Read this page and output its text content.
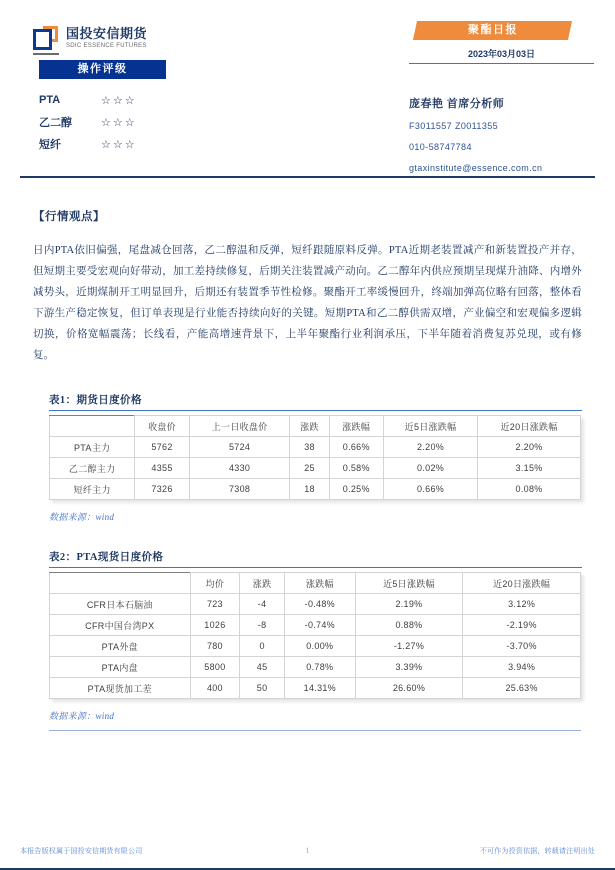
国投安信期货
SDIC ESSENCE FUTURES
操作评级
PTA	☆☆☆
乙二醇	☆☆☆
短纤	☆☆☆
聚酯日报
2023年03月03日
庞春艳 首席分析师
F3011557 Z0011355
010-58747784
gtaxinstitute@essence.com.cn
【行情观点】
日内PTA依旧偏强，尾盘减仓回落，乙二醇温和反弹，短纤跟随原料反弹。PTA近期老装置减产和新装置投产并存，但短期主要受宏观向好带动，加工差持续修复，后期关注装置减产动向。乙二醇年内供应预期呈现煤升油降、内增外减势头，近期煤制开工明显回升，后期还有装置季节性检修。聚酯开工率缓慢回升，终端加弹高位略有回落，整体看下游生产稳定恢复，但订单表现是行业能否持续向好的关键。短期PTA和乙二醇供需双增，产业偏空和宏观偏多逻辑切换，价格宽幅震荡；长线看，产能高增速背景下，上半年聚酯行业利润承压，下半年随着消费复苏兑现，或有修复。
表1：期货日度价格
	收盘价	上一日收盘价	涨跌	涨跌幅	近5日涨跌幅	近20日涨跌幅
PTA主力	5762	5724	38	0.66%	2.20%	2.20%
乙二醇主力	4355	4330	25	0.58%	0.02%	3.15%
短纤主力	7326	7308	18	0.25%	0.66%	0.08%
数据来源：wind
表2：PTA现货日度价格
	均价	涨跌	涨跌幅	近5日涨跌幅	近20日涨跌幅
CFR日本石脑油	723	-4	-0.48%	2.19%	3.12%
CFR中国台湾PX	1026	-8	-0.74%	0.88%	-2.19%
PTA外盘	780	0	0.00%	-1.27%	-3.70%
PTA内盘	5800	45	0.78%	3.39%	3.94%
PTA现货加工差	400	50	14.31%	26.60%	25.63%
数据来源：wind
本报告版权属于国投安信期货有限公司	1	不可作为投资依据，转载请注明出处
